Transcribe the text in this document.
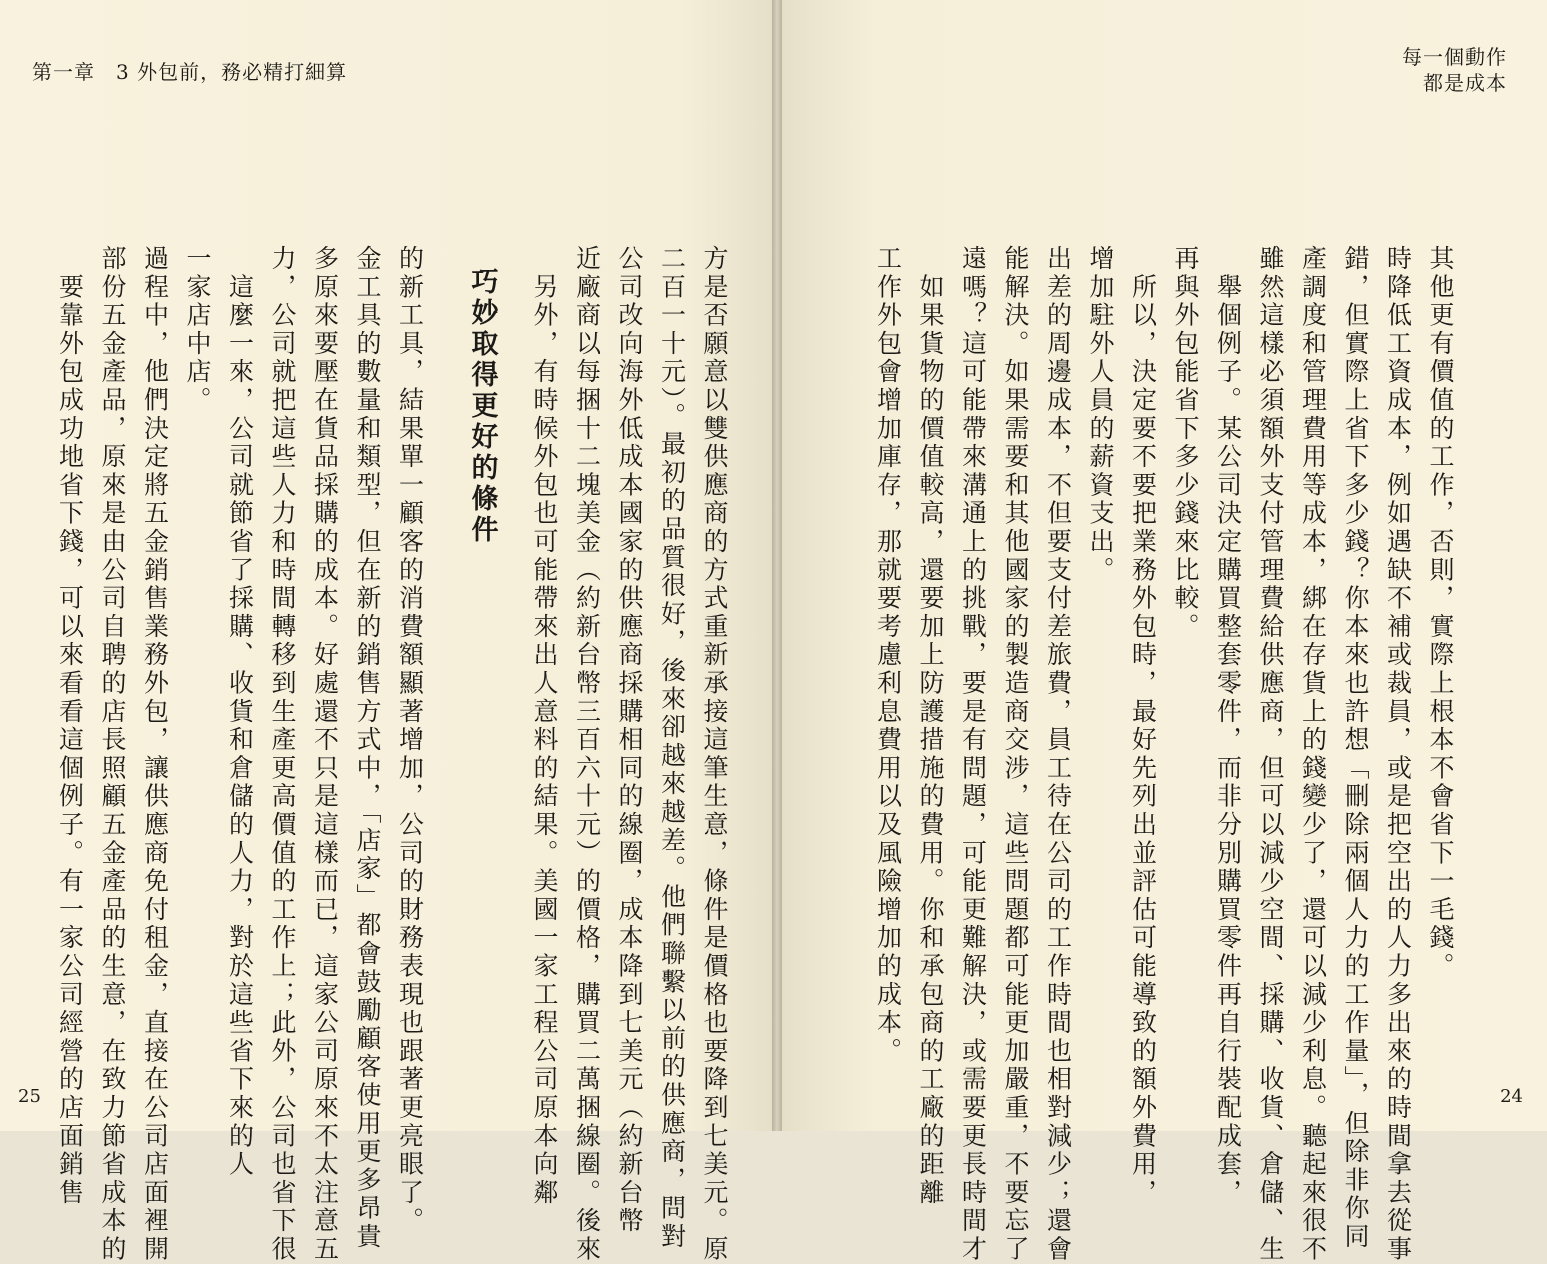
第一章　3 外包前，務必精打細算
25
每一個動作
都是成本
24
其他更有價值的工作，否則，實際上根本不會省下一毛錢。
時降低工資成本，例如遇缺不補或裁員，或是把空出的人力多出來的時間拿去從事
錯，但實際上省下多少錢？你本來也許想「刪除兩個人力的工作量」，但除非你同
產調度和管理費用等成本，綁在存貨上的錢變少了，還可以減少利息。聽起來很不
雖然這樣必須額外支付管理費給供應商，但可以減少空間、採購、收貨、倉儲、生
　舉個例子。某公司決定購買整套零件，而非分別購買零件再自行裝配成套，
再與外包能省下多少錢來比較。
　所以，決定要不要把業務外包時，最好先列出並評估可能導致的額外費用，
增加駐外人員的薪資支出。
出差的周邊成本，不但要支付差旅費，員工待在公司的工作時間也相對減少；還會
能解決。如果需要和其他國家的製造商交涉，這些問題都可能更加嚴重，不要忘了
遠嗎？這可能帶來溝通上的挑戰，要是有問題，可能更難解決，或需要更長時間才
　如果貨物的價值較高，還要加上防護措施的費用。你和承包商的工廠的距離
工作外包會增加庫存，那就要考慮利息費用以及風險增加的成本。
方是否願意以雙供應商的方式重新承接這筆生意，條件是價格也要降到七美元。原
二百一十元）。最初的品質很好，後來卻越來越差。他們聯繫以前的供應商，問對
公司改向海外低成本國家的供應商採購相同的線圈，成本降到七美元（約新台幣
近廠商以每捆十二塊美金（約新台幣三百六十元）的價格，購買二萬捆線圈。後來
　另外，有時候外包也可能帶來出人意料的結果。美國一家工程公司原本向鄰
巧妙取得更好的條件
的新工具，結果單一顧客的消費額顯著增加，公司的財務表現也跟著更亮眼了。
金工具的數量和類型，但在新的銷售方式中，「店家」都會鼓勵顧客使用更多昂貴
多原來要壓在貨品採購的成本。好處還不只是這樣而已，這家公司原來不太注意五
力，公司就把這些人力和時間轉移到生產更高價值的工作上；此外，公司也省下很
　這麼一來，公司就節省了採購、收貨和倉儲的人力，對於這些省下來的人
一家店中店。
過程中，他們決定將五金銷售業務外包，讓供應商免付租金，直接在公司店面裡開
部份五金產品，原來是由公司自聘的店長照顧五金產品的生意，在致力節省成本的
　要靠外包成功地省下錢，可以來看看這個例子。有一家公司經營的店面銷售
